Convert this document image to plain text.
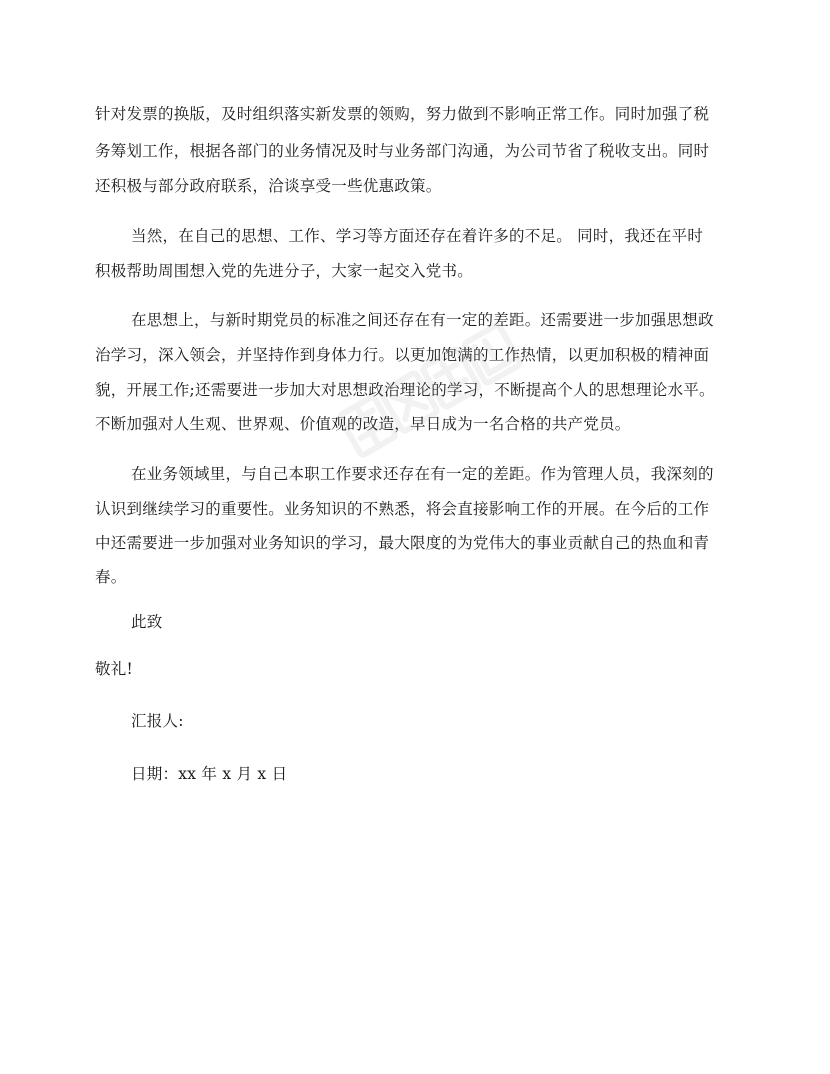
针对发票的换版，及时组织落实新发票的领购，努力做到不影响正常工作。同时加强了税
务筹划工作，根据各部门的业务情况及时与业务部门沟通，为公司节省了税收支出。同时
还积极与部分政府联系，洽谈享受一些优惠政策。
当然，在自己的思想、工作、学习等方面还存在着许多的不足。 同时，我还在平时
积极帮助周围想入党的先进分子，大家一起交入党书。
在思想上，与新时期党员的标准之间还存在有一定的差距。还需要进一步加强思想政
治学习，深入领会，并坚持作到身体力行。以更加饱满的工作热情，以更加积极的精神面
貌，开展工作;还需要进一步加大对思想政治理论的学习，不断提高个人的思想理论水平。
不断加强对人生观、世界观、价值观的改造，早日成为一名合格的共产党员。
在业务领域里，与自己本职工作要求还存在有一定的差距。作为管理人员，我深刻的
认识到继续学习的重要性。业务知识的不熟悉，将会直接影响工作的开展。在今后的工作
中还需要进一步加强对业务知识的学习，最大限度的为党伟大的事业贡献自己的热血和青
春。
此致
敬礼!
汇报人:
日期：xx 年 x 月 x 日
